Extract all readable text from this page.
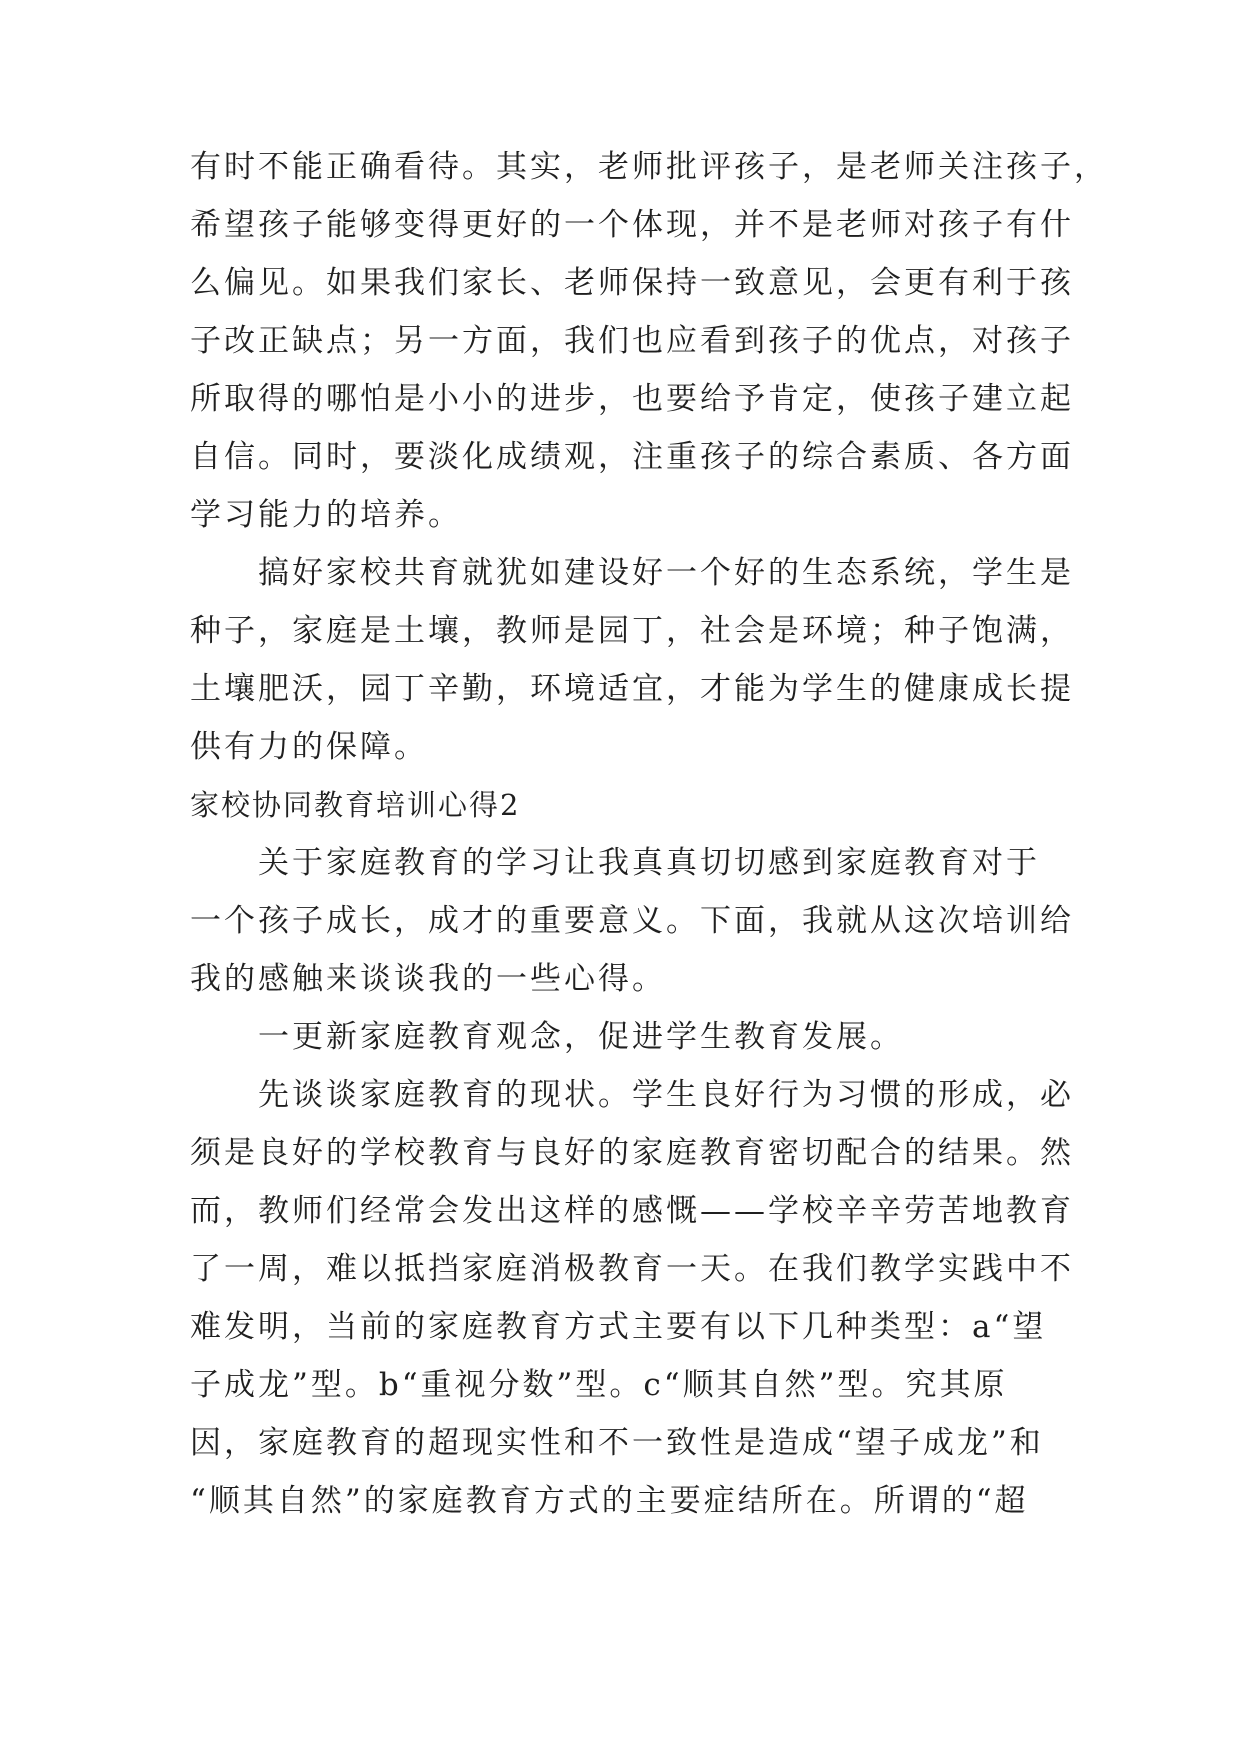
有时不能正确看待。其实，老师批评孩子，是老师关注孩子，
希望孩子能够变得更好的一个体现，并不是老师对孩子有什
么偏见。如果我们家长、老师保持一致意见，会更有利于孩
子改正缺点；另一方面，我们也应看到孩子的优点，对孩子
所取得的哪怕是小小的进步，也要给予肯定，使孩子建立起
自信。同时，要淡化成绩观，注重孩子的综合素质、各方面
学习能力的培养。
　　搞好家校共育就犹如建设好一个好的生态系统，学生是
种子，家庭是土壤，教师是园丁，社会是环境；种子饱满，
土壤肥沃，园丁辛勤，环境适宜，才能为学生的健康成长提
供有力的保障。
家校协同教育培训心得2
　　关于家庭教育的学习让我真真切切感到家庭教育对于
一个孩子成长，成才的重要意义。下面，我就从这次培训给
我的感触来谈谈我的一些心得。
　　一更新家庭教育观念，促进学生教育发展。
　　先谈谈家庭教育的现状。学生良好行为习惯的形成，必
须是良好的学校教育与良好的家庭教育密切配合的结果。然
而，教师们经常会发出这样的感慨——学校辛辛劳苦地教育
了一周，难以抵挡家庭消极教育一天。在我们教学实践中不
难发明，当前的家庭教育方式主要有以下几种类型：a“望
子成龙”型。b“重视分数”型。c“顺其自然”型。究其原
因，家庭教育的超现实性和不一致性是造成“望子成龙”和
“顺其自然”的家庭教育方式的主要症结所在。所谓的“超
